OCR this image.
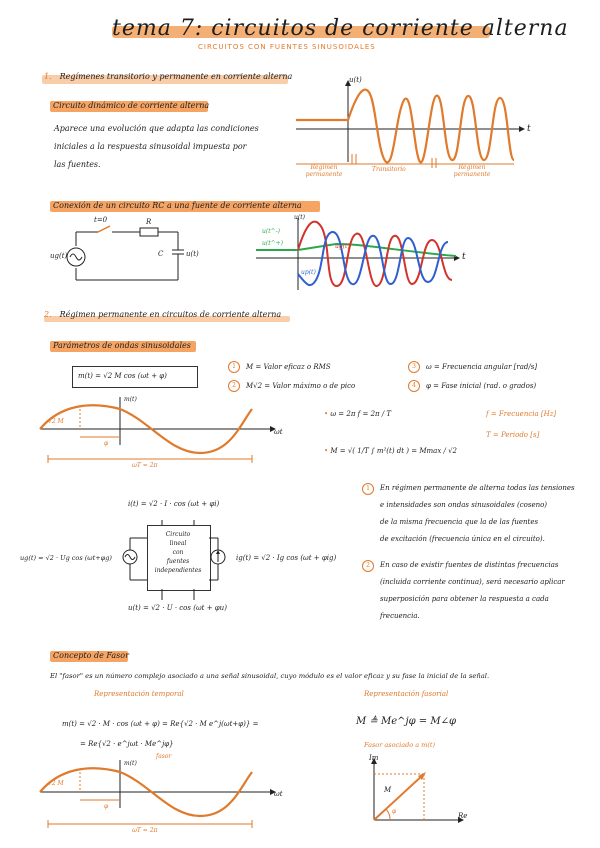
tema 7: circuitos de corriente alterna
CIRCUITOS CON FUENTES SINUSOIDALES
1. Regímenes transitorio y permanente en corriente alterna
Circuito dinámico de corriente alterna
Aparece una evolución que adapta las condiciones
iniciales a la respuesta sinusoidal impuesta por
las fuentes.
u(t)
t
Régimen permanente
Transitorio	Régimen permanente
Conexión de un circuito RC a una fuente de corriente alterna
t=0	R
C
ug(t)	u(t)
u(t)
t
u(t^-)
u(t^+)	ug(t)
up(t)
2. Régimen permanente en circuitos de corriente alterna
Parámetros de ondas sinusoidales
m(t) = √2 M cos (ωt + φ)
1 M = Valor eficaz o RMS
2 M√2 = Valor máximo o de pico
3 ω = Frecuencia angular [rad/s]
4 φ = Fase inicial (rad. o grados)
√2 M
φ
ωT = 2π
ωt
m(t)
• ω = 2π f = 2π / T
• M = √( 1/T ∫ m²(t) dt ) = Mmax / √2
f = Frecuencia [Hz]
T = Periodo [s]
i(t) = √2 · I · cos (ωt + φi)
Circuito
lineal
con
fuentes
independientes
ug(t) = √2 · Ug cos (ωt+φg)	ig(t) = √2 · Ig cos (ωt + φig)
u(t) = √2 · U · cos (ωt + φu)
1	En régimen permanente de alterna todas las tensiones
e intensidades son ondas sinusoidales (coseno)
de la misma frecuencia que la de las fuentes
de excitación (frecuencia única en el circuito).
2	En caso de existir fuentes de distintas frecuencias
(incluida corriente continua), será necesario aplicar
superposición para obtener la respuesta a cada
frecuencia.
Concepto de Fasor
El "fasor" es un número complejo asociado a una señal sinusoidal, cuyo módulo es el valor eficaz y su fase la inicial de la señal.
Representación temporal	Representación fasorial
m(t) = √2 · M · cos (ωt + φ) = Re{√2 · M e^j(ωt+φ)} =
= Re{√2 · e^jωt · Me^jφ}
fasor
M ≜ Me^jφ = M∠φ
Fasor asociado a m(t)
Im
Re
M
φ
√2 M
φ
ωT = 2π
ωt
m(t)
